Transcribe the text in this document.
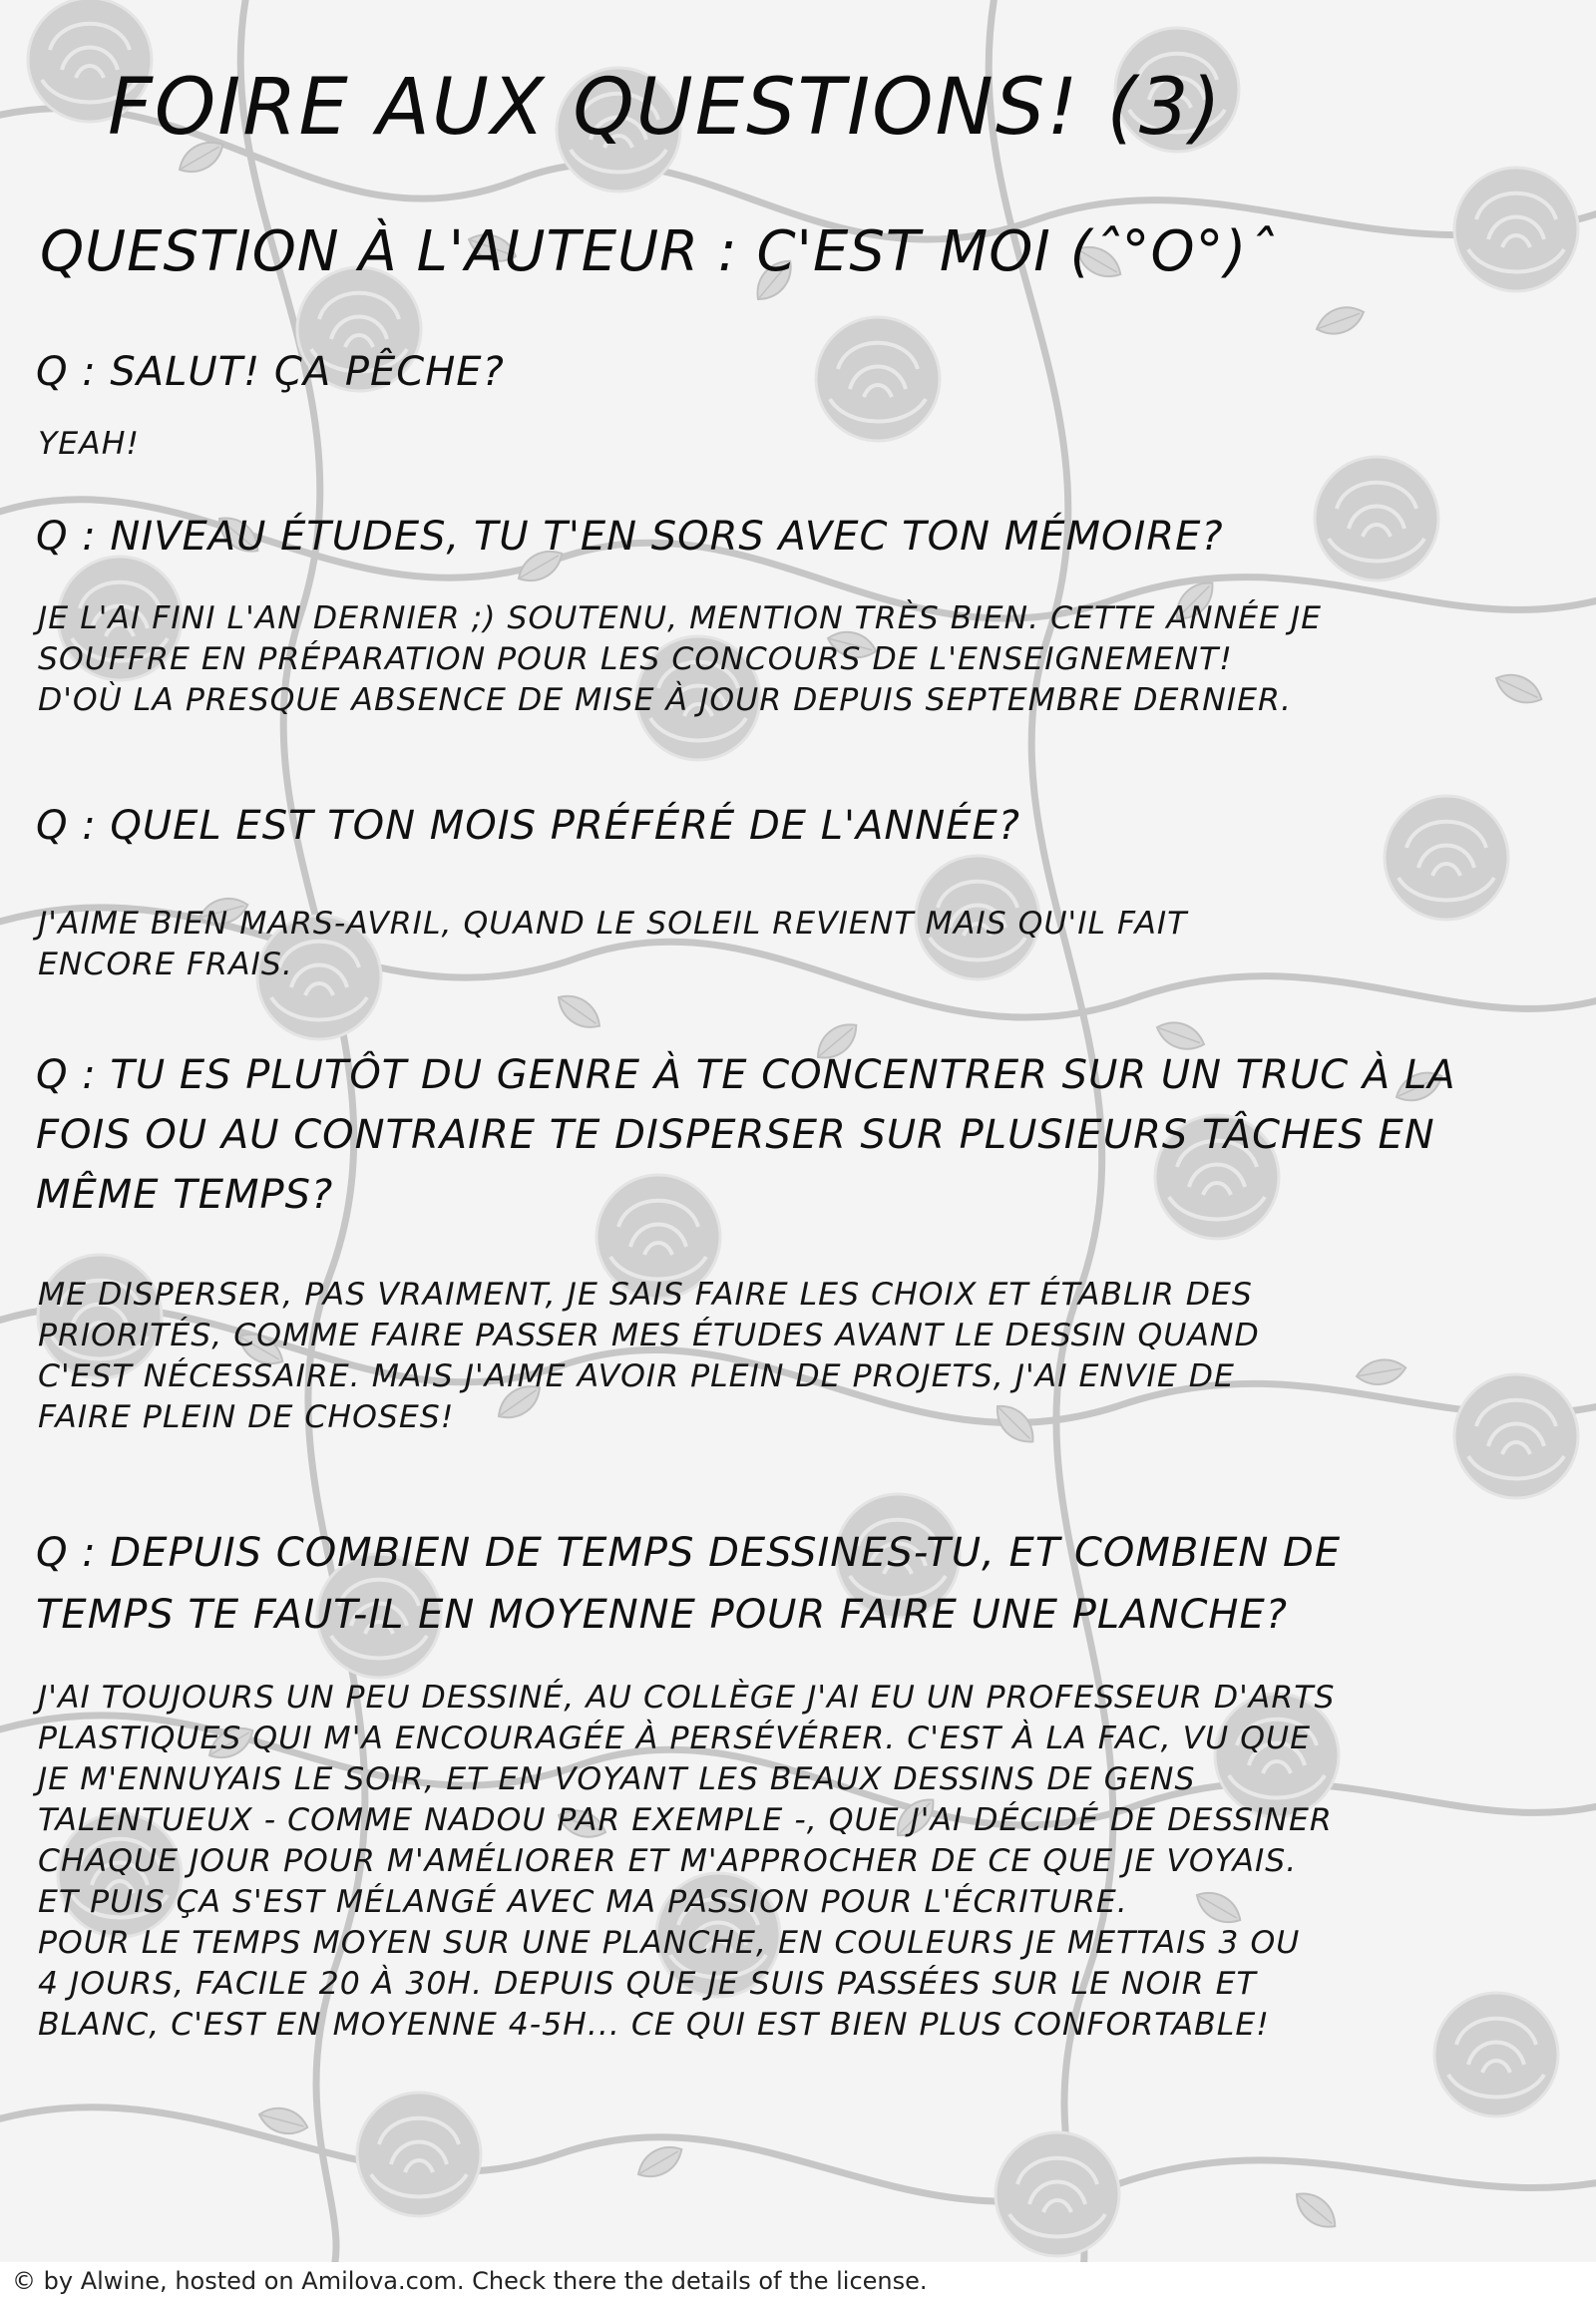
FOIRE AUX QUESTIONS! (3)
QUESTION À L'AUTEUR : C'EST MOI (ˆ°O°)ˆ
Q : SALUT! ÇA PÊCHE?
YEAH!
Q : NIVEAU ÉTUDES, TU T'EN SORS AVEC TON MÉMOIRE?
JE L'AI FINI L'AN DERNIER ;) SOUTENU, MENTION TRÈS BIEN. CETTE ANNÉE JE
SOUFFRE EN PRÉPARATION POUR LES CONCOURS DE L'ENSEIGNEMENT!
D'OÙ LA PRESQUE ABSENCE DE MISE À JOUR DEPUIS SEPTEMBRE DERNIER.
Q : QUEL EST TON MOIS PRÉFÉRÉ DE L'ANNÉE?
J'AIME BIEN MARS-AVRIL, QUAND LE SOLEIL REVIENT MAIS QU'IL FAIT
ENCORE FRAIS.
Q : TU ES PLUTÔT DU GENRE À TE CONCENTRER SUR UN TRUC À LA FOIS OU AU CONTRAIRE TE DISPERSER SUR PLUSIEURS TÂCHES EN MÊME TEMPS?
ME DISPERSER, PAS VRAIMENT, JE SAIS FAIRE LES CHOIX ET ÉTABLIR DES
PRIORITÉS, COMME FAIRE PASSER MES ÉTUDES AVANT LE DESSIN QUAND
C'EST NÉCESSAIRE. MAIS J'AIME AVOIR PLEIN DE PROJETS, J'AI ENVIE DE
FAIRE PLEIN DE CHOSES!
Q : DEPUIS COMBIEN DE TEMPS DESSINES-TU, ET COMBIEN DE TEMPS TE FAUT-IL EN MOYENNE POUR FAIRE UNE PLANCHE?
J'AI TOUJOURS UN PEU DESSINÉ, AU COLLÈGE J'AI EU UN PROFESSEUR D'ARTS
PLASTIQUES QUI M'A ENCOURAGÉE À PERSÉVÉRER. C'EST À LA FAC, VU QUE
JE M'ENNUYAIS LE SOIR, ET EN VOYANT LES BEAUX DESSINS DE GENS
TALENTUEUX - COMME NADOU PAR EXEMPLE -, QUE J'AI DÉCIDÉ DE DESSINER
CHAQUE JOUR POUR M'AMÉLIORER ET M'APPROCHER DE CE QUE JE VOYAIS.
ET PUIS ÇA S'EST MÉLANGÉ AVEC MA PASSION POUR L'ÉCRITURE.
POUR LE TEMPS MOYEN SUR UNE PLANCHE, EN COULEURS JE METTAIS 3 OU
4 JOURS, FACILE 20 À 30H. DEPUIS QUE JE SUIS PASSÉES SUR LE NOIR ET
BLANC, C'EST EN MOYENNE 4-5H... CE QUI EST BIEN PLUS CONFORTABLE!
© by Alwine, hosted on Amilova.com. Check there the details of the license.
